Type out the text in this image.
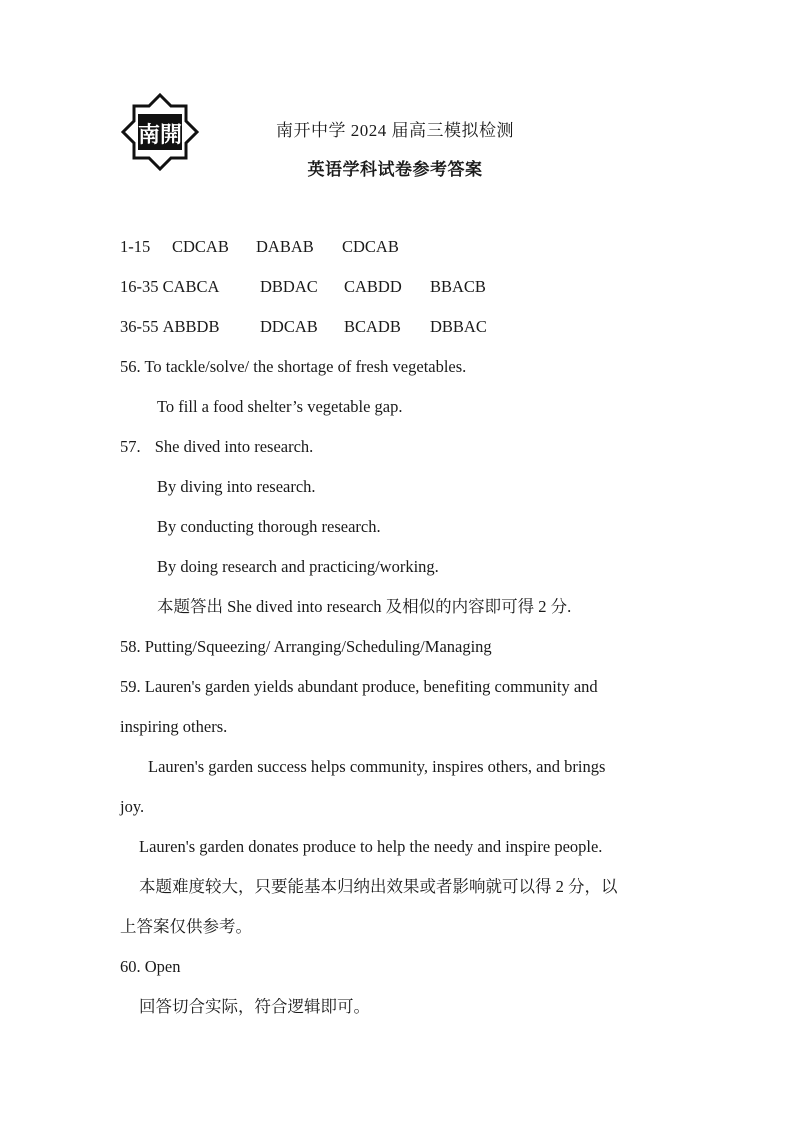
南開	南开中学 2024 届高三模拟检测
英语学科试卷参考答案
1-15 CDCAB DABAB CDCAB
16-35 CABCA DBDAC CABDD BBACB
36-55 ABBDB DDCAB BCADB DBBAC
56. To tackle/solve/ the shortage of fresh vegetables.
To fill a food shelter’s vegetable gap.
57. She dived into research.
By diving into research.
By conducting thorough research.
By doing research and practicing/working.
本题答出 She dived into research 及相似的内容即可得 2 分.
58. Putting/Squeezing/ Arranging/Scheduling/Managing
59. Lauren's garden yields abundant produce, benefiting community and
inspiring others.
Lauren's garden success helps community, inspires others, and brings
joy.
Lauren's garden donates produce to help the needy and inspire people.
本题难度较大，只要能基本归纳出效果或者影响就可以得 2 分，以
上答案仅供参考。
60. Open
回答切合实际，符合逻辑即可。
